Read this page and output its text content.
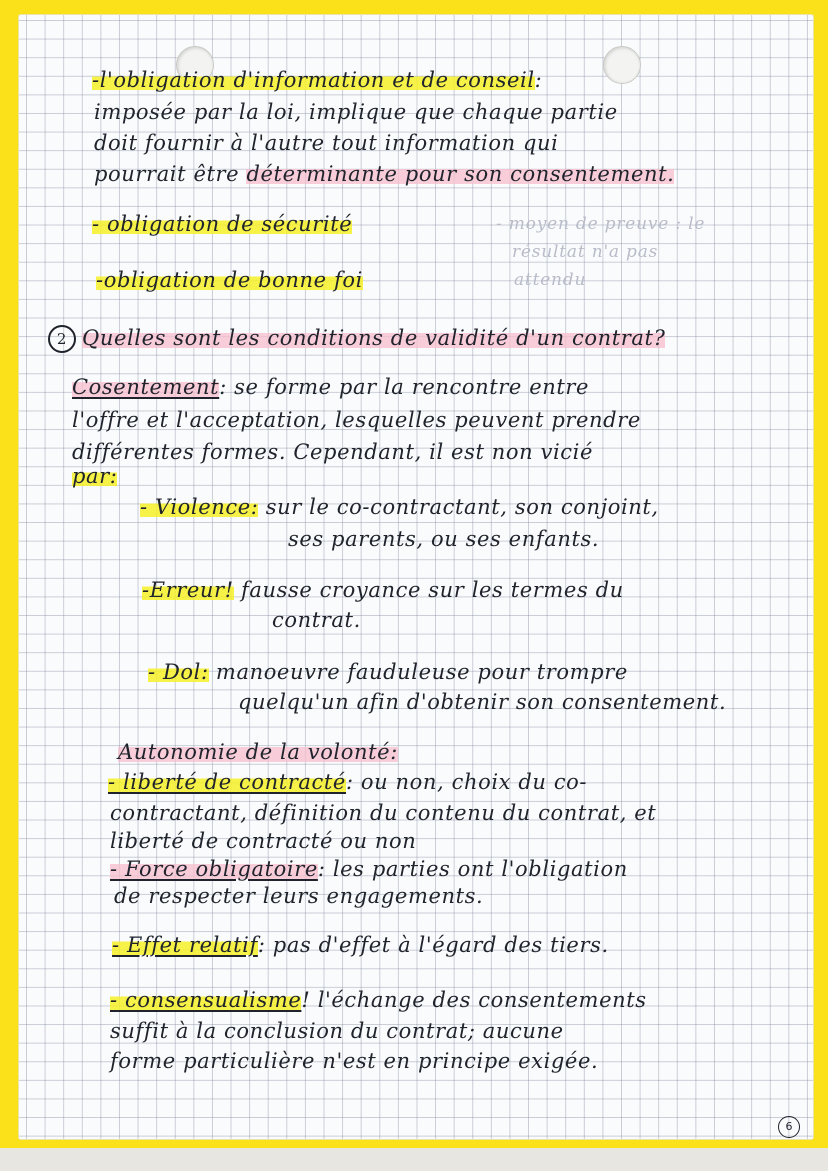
-l'obligation d'information et de conseil:
imposée par la loi, implique que chaque partie
doit fournir à l'autre tout information qui
pourrait être déterminante pour son consentement.
- obligation de sécurité	- moyen de preuve : le
résultat n'a pas
-obligation de bonne foi	attendu
2 Quelles sont les conditions de validité d'un contrat?
Cosentement: se forme par la rencontre entre
l'offre et l'acceptation, lesquelles peuvent prendre
différentes formes. Cependant, il est non vicié
par:
- Violence: sur le co-contractant, son conjoint,
ses parents, ou ses enfants.
-Erreur! fausse croyance sur les termes du
contrat.
- Dol: manoeuvre fauduleuse pour trompre
quelqu'un afin d'obtenir son consentement.
Autonomie de la volonté:
- liberté de contracté: ou non, choix du co-
contractant, définition du contenu du contrat, et
liberté de contracté ou non
- Force obligatoire: les parties ont l'obligation
de respecter leurs engagements.
- Effet relatif: pas d'effet à l'égard des tiers.
- consensualisme! l'échange des consentements
suffit à la conclusion du contrat; aucune
forme particulière n'est en principe exigée.
6
